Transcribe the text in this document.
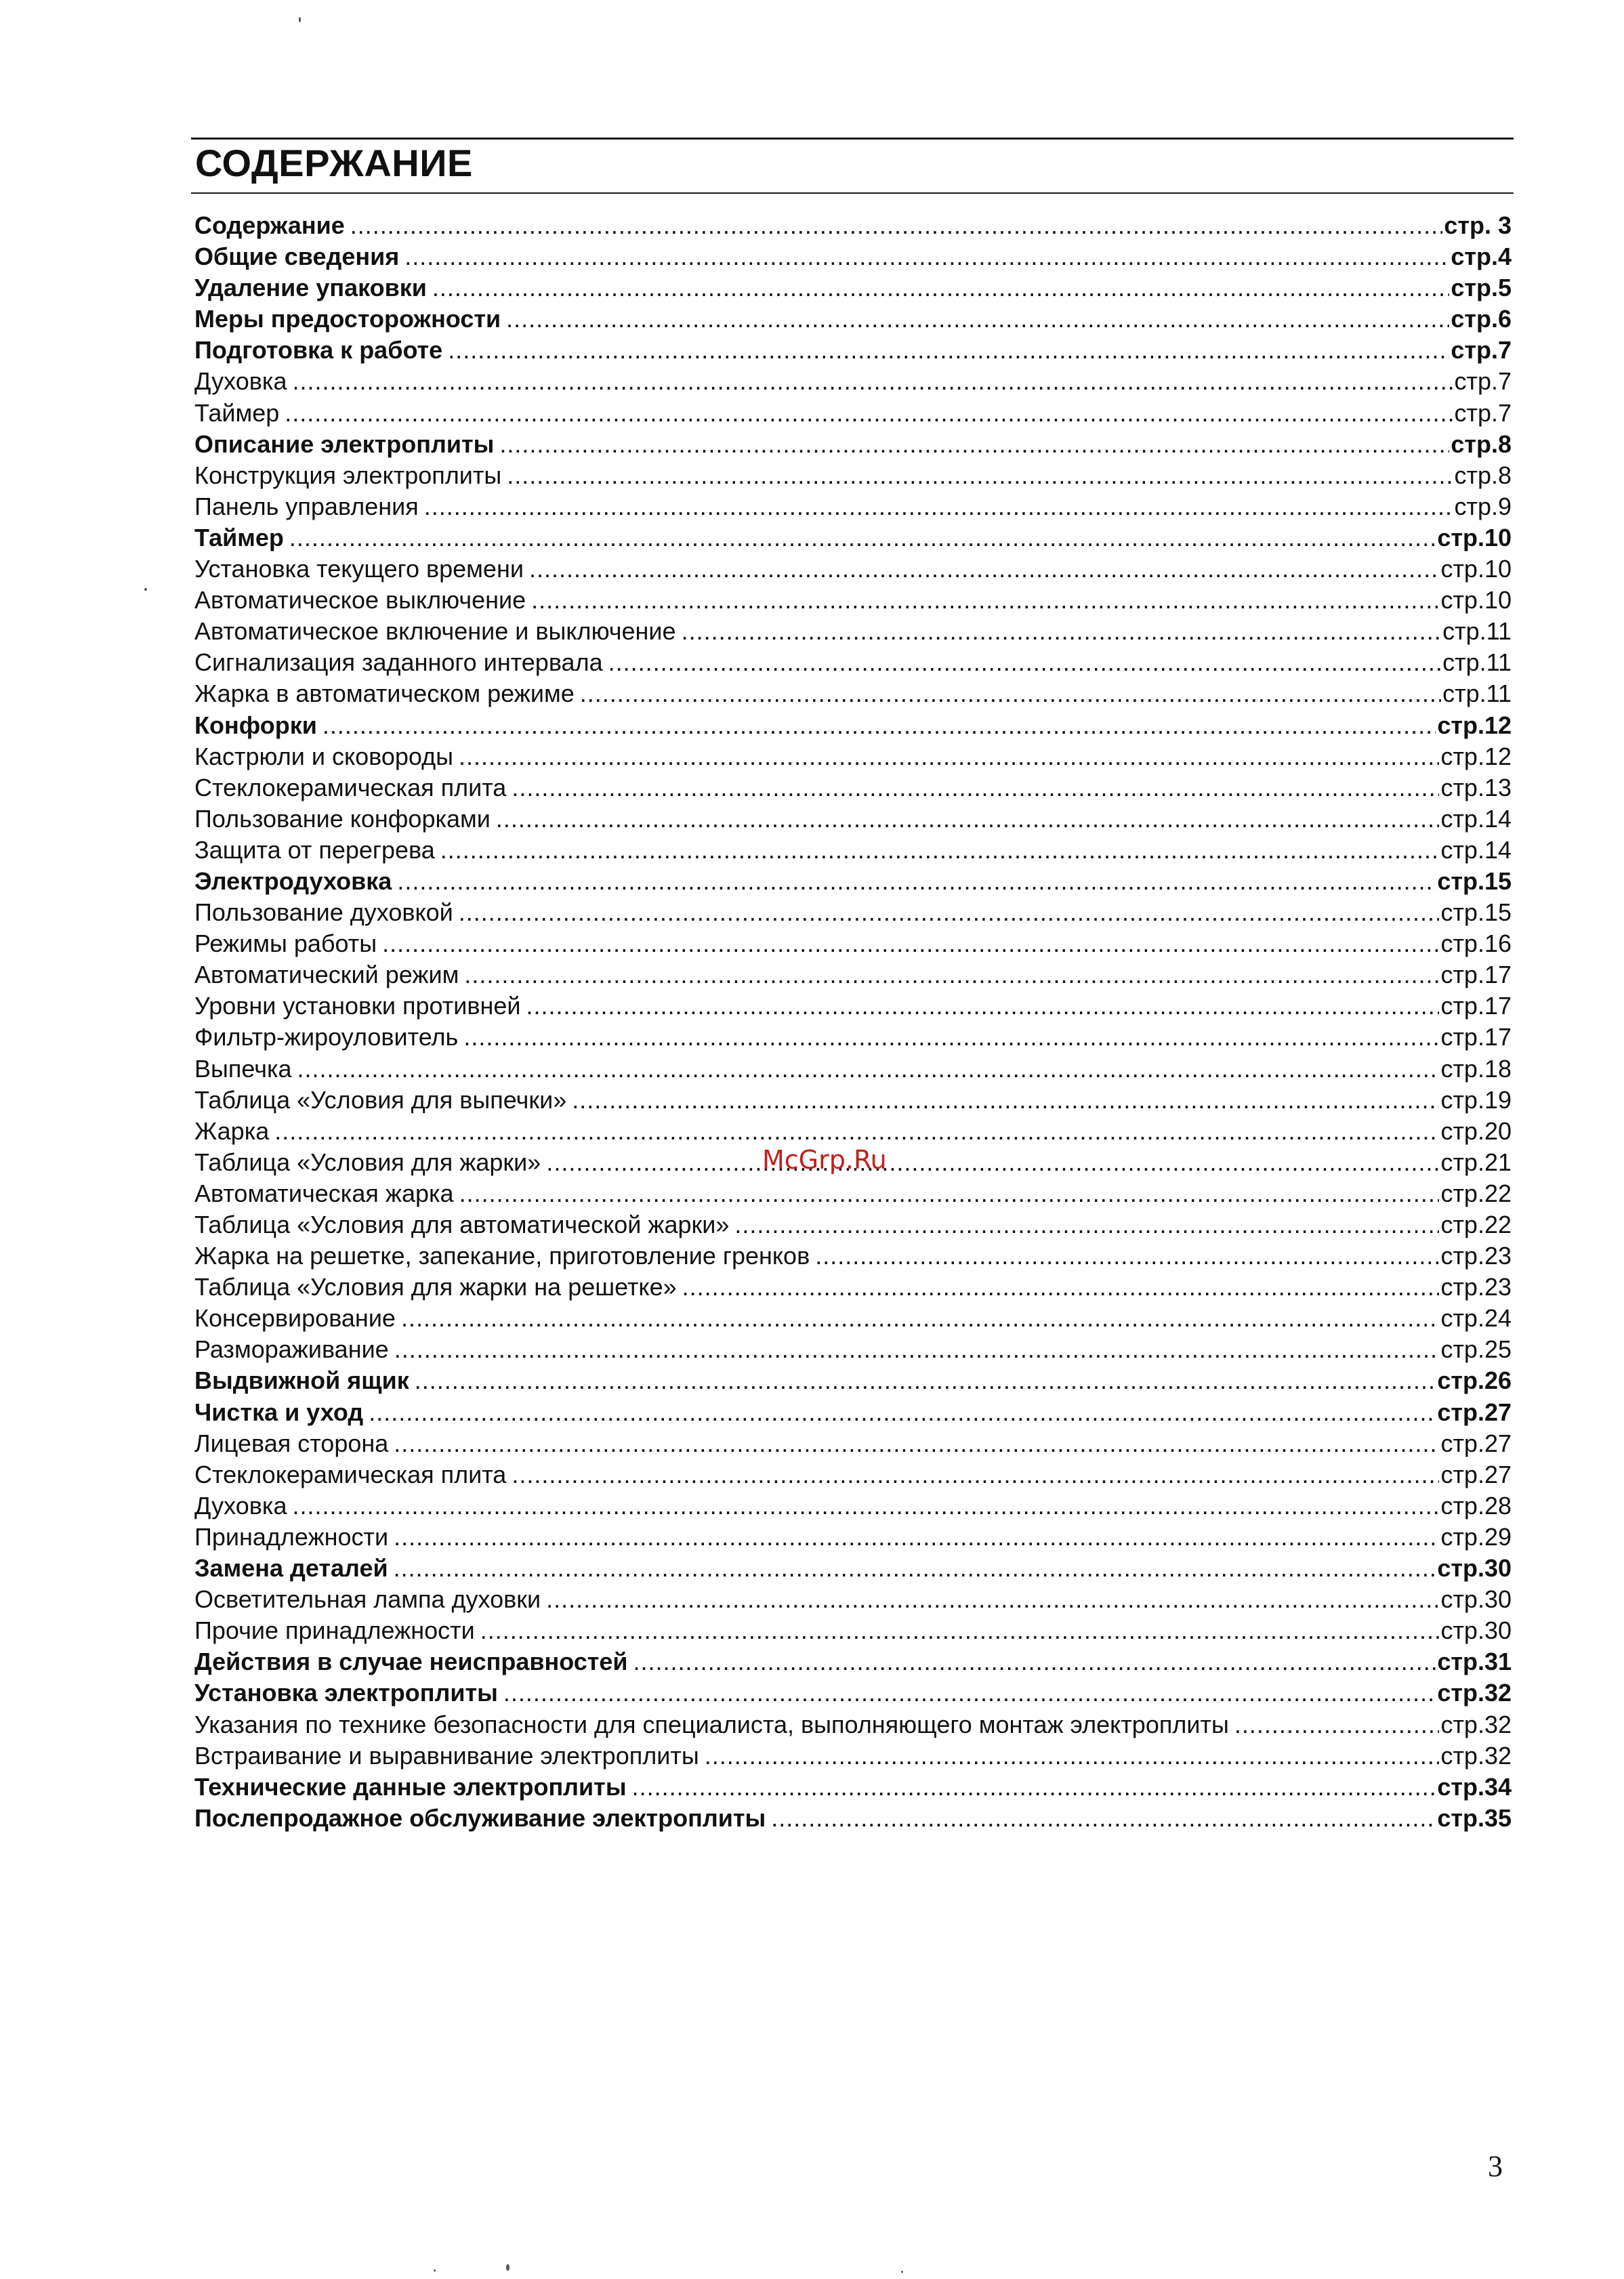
СОДЕРЖАНИЕ
Содержание .....	стр. 3
Общие сведения .....	стр.4
Удаление упаковки .....	стр.5
Меры предосторожности .....	стр.6
Подготовка к работе .....	стр.7
Духовка .....	стр.7
Таймер .....	стр.7
Описание электроплиты .....	стр.8
Конструкция электроплиты .....	стр.8
Панель управления .....	стр.9
Таймер .....	стр.10
Установка текущего времени .....	стр.10
Автоматическое выключение .....	стр.10
Автоматическое включение и выключение .....	стр.11
Сигнализация заданного интервала .....	стр.11
Жарка в автоматическом режиме .....	стр.11
Конфорки .....	стр.12
Кастрюли и сковороды .....	стр.12
Стеклокерамическая плита .....	стр.13
Пользование конфорками .....	стр.14
Защита от перегрева .....	стр.14
Электродуховка .....	стр.15
Пользование духовкой .....	стр.15
Режимы работы .....	стр.16
Автоматический режим .....	стр.17
Уровни установки противней .....	стр.17
Фильтр-жироуловитель .....	стр.17
Выпечка .....	стр.18
Таблица «Условия для выпечки» .....	стр.19
Жарка .....	стр.20
Таблица «Условия для жарки» .....	стр.21
Автоматическая жарка .....	стр.22
Таблица «Условия для автоматической жарки» .....	стр.22
Жарка на решетке, запекание, приготовление гренков .....	стр.23
Таблица «Условия для жарки на решетке» .....	стр.23
Консервирование .....	стр.24
Размораживание .....	стр.25
Выдвижной ящик .....	стр.26
Чистка и уход .....	стр.27
Лицевая сторона .....	стр.27
Стеклокерамическая плита .....	стр.27
Духовка .....	стр.28
Принадлежности .....	стр.29
Замена деталей .....	стр.30
Осветительная лампа духовки .....	стр.30
Прочие принадлежности .....	стр.30
Действия в случае неисправностей .....	стр.31
Установка электроплиты .....	стр.32
Указания по технике безопасности для специалиста, выполняющего монтаж электроплиты .....	стр.32
Встраивание и выравнивание электроплиты .....	стр.32
Технические данные электроплиты .....	стр.34
Послепродажное обслуживание электроплиты .....	стр.35
McGrp.Ru
3
